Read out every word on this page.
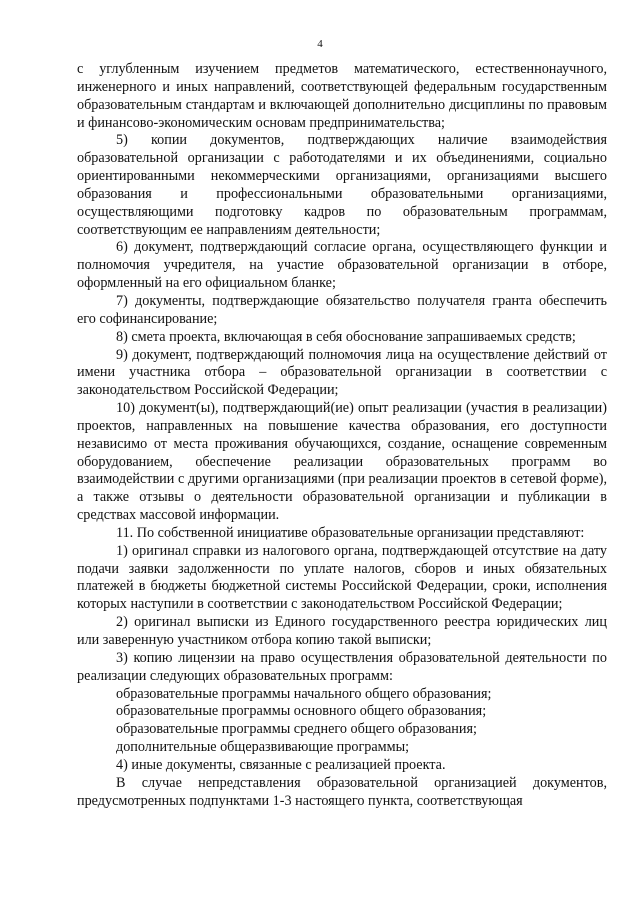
4

с углубленным изучением предметов математического, естественнонаучного, инженерного и иных направлений, соответствующей федеральным государственным образовательным стандартам и включающей дополнительно дисциплины по правовым и финансово-экономическим основам предпринимательства;

5) копии документов, подтверждающих наличие взаимодействия образовательной организации с работодателями и их объединениями, социально ориентированными некоммерческими организациями, организациями высшего образования и профессиональными образовательными организациями, осуществляющими подготовку кадров по образовательным программам, соответствующим ее направлениям деятельности;

6) документ, подтверждающий согласие органа, осуществляющего функции и полномочия учредителя, на участие образовательной организации в отборе, оформленный на его официальном бланке;

7) документы, подтверждающие обязательство получателя гранта обеспечить его софинансирование;

8) смета проекта, включающая в себя обоснование запрашиваемых средств;

9) документ, подтверждающий полномочия лица на осуществление действий от имени участника отбора – образовательной организации в соответствии с законодательством Российской Федерации;

10) документ(ы), подтверждающий(ие) опыт реализации (участия в реализации) проектов, направленных на повышение качества образования, его доступности независимо от места проживания обучающихся, создание, оснащение современным оборудованием, обеспечение реализации образовательных программ во взаимодействии с другими организациями (при реализации проектов в сетевой форме), а также отзывы о деятельности образовательной организации и публикации в средствах массовой информации.

11. По собственной инициативе образовательные организации представляют:

1) оригинал справки из налогового органа, подтверждающей отсутствие на дату подачи заявки задолженности по уплате налогов, сборов и иных обязательных платежей в бюджеты бюджетной системы Российской Федерации, сроки, исполнения которых наступили в соответствии с законодательством Российской Федерации;

2) оригинал выписки из Единого государственного реестра юридических лиц или заверенную участником отбора копию такой выписки;

3) копию лицензии на право осуществления образовательной деятельности по реализации следующих образовательных программ:

образовательные программы начального общего образования;

образовательные программы основного общего образования;

образовательные программы среднего общего образования;

дополнительные общеразвивающие программы;

4) иные документы, связанные с реализацией проекта.

В случае непредставления образовательной организацией документов, предусмотренных подпунктами 1-3 настоящего пункта, соответствующая
